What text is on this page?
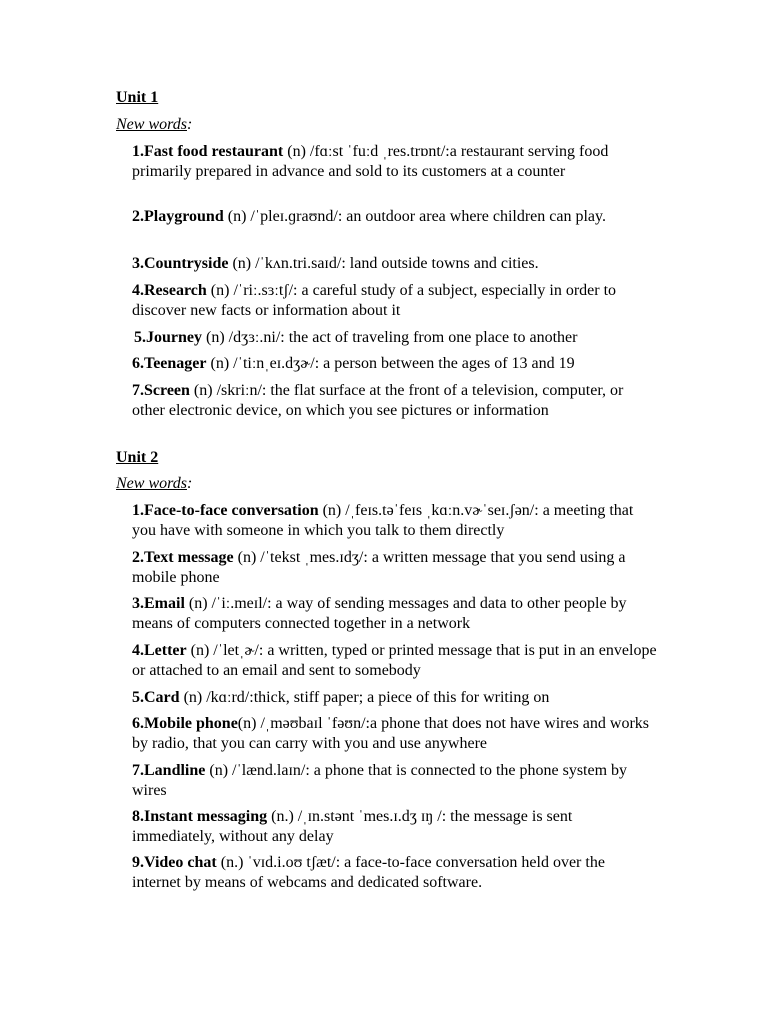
Unit 1

New words:

1.Fast food restaurant (n) /fɑːst ˈfuːd ˌres.trɒnt/:a restaurant serving food primarily prepared in advance and sold to its customers at a counter

2.Playground (n) /ˈpleɪ.ɡraʊnd/: an outdoor area where children can play.

3.Countryside (n) /ˈkʌn.tri.saɪd/: land outside towns and cities.

4.Research (n) /ˈriː.sɜːtʃ/: a careful study of a subject, especially in order to discover new facts or information about it

5.Journey (n) /dʒɜː.ni/: the act of traveling from one place to another

6.Teenager (n) /ˈtiːnˌeɪ.dʒɚ/: a person between the ages of 13 and 19

7.Screen (n) /skriːn/: the flat surface at the front of a television, computer, or other electronic device, on which you see pictures or information

Unit 2

New words:

1.Face-to-face conversation (n) /ˌfeɪs.təˈfeɪs ˌkɑːn.vɚˈseɪ.ʃən/: a meeting that you have with someone in which you talk to them directly

2.Text message (n) /ˈtekst ˌmes.ɪdʒ/: a written message that you send using a mobile phone

3.Email (n) /ˈiː.meɪl/: a way of sending messages and data to other people by means of computers connected together in a network

4.Letter (n) /ˈletˌɚ/: a written, typed or printed message that is put in an envelope or attached to an email and sent to somebody

5.Card (n) /kɑːrd/:thick, stiff paper; a piece of this for writing on

6.Mobile phone(n) /ˌməʊbaɪl ˈfəʊn/:a phone that does not have wires and works by radio, that you can carry with you and use anywhere

7.Landline (n) /ˈlænd.laɪn/: a phone that is connected to the phone system by wires

8.Instant messaging (n.) /ˌɪn.stənt ˈmes.ɪ.dʒ ɪŋ /: the message is sent immediately, without any delay

9.Video chat (n.) ˈvɪd.i.oʊ tʃæt/: a face-to-face conversation held over the internet by means of webcams and dedicated software.
